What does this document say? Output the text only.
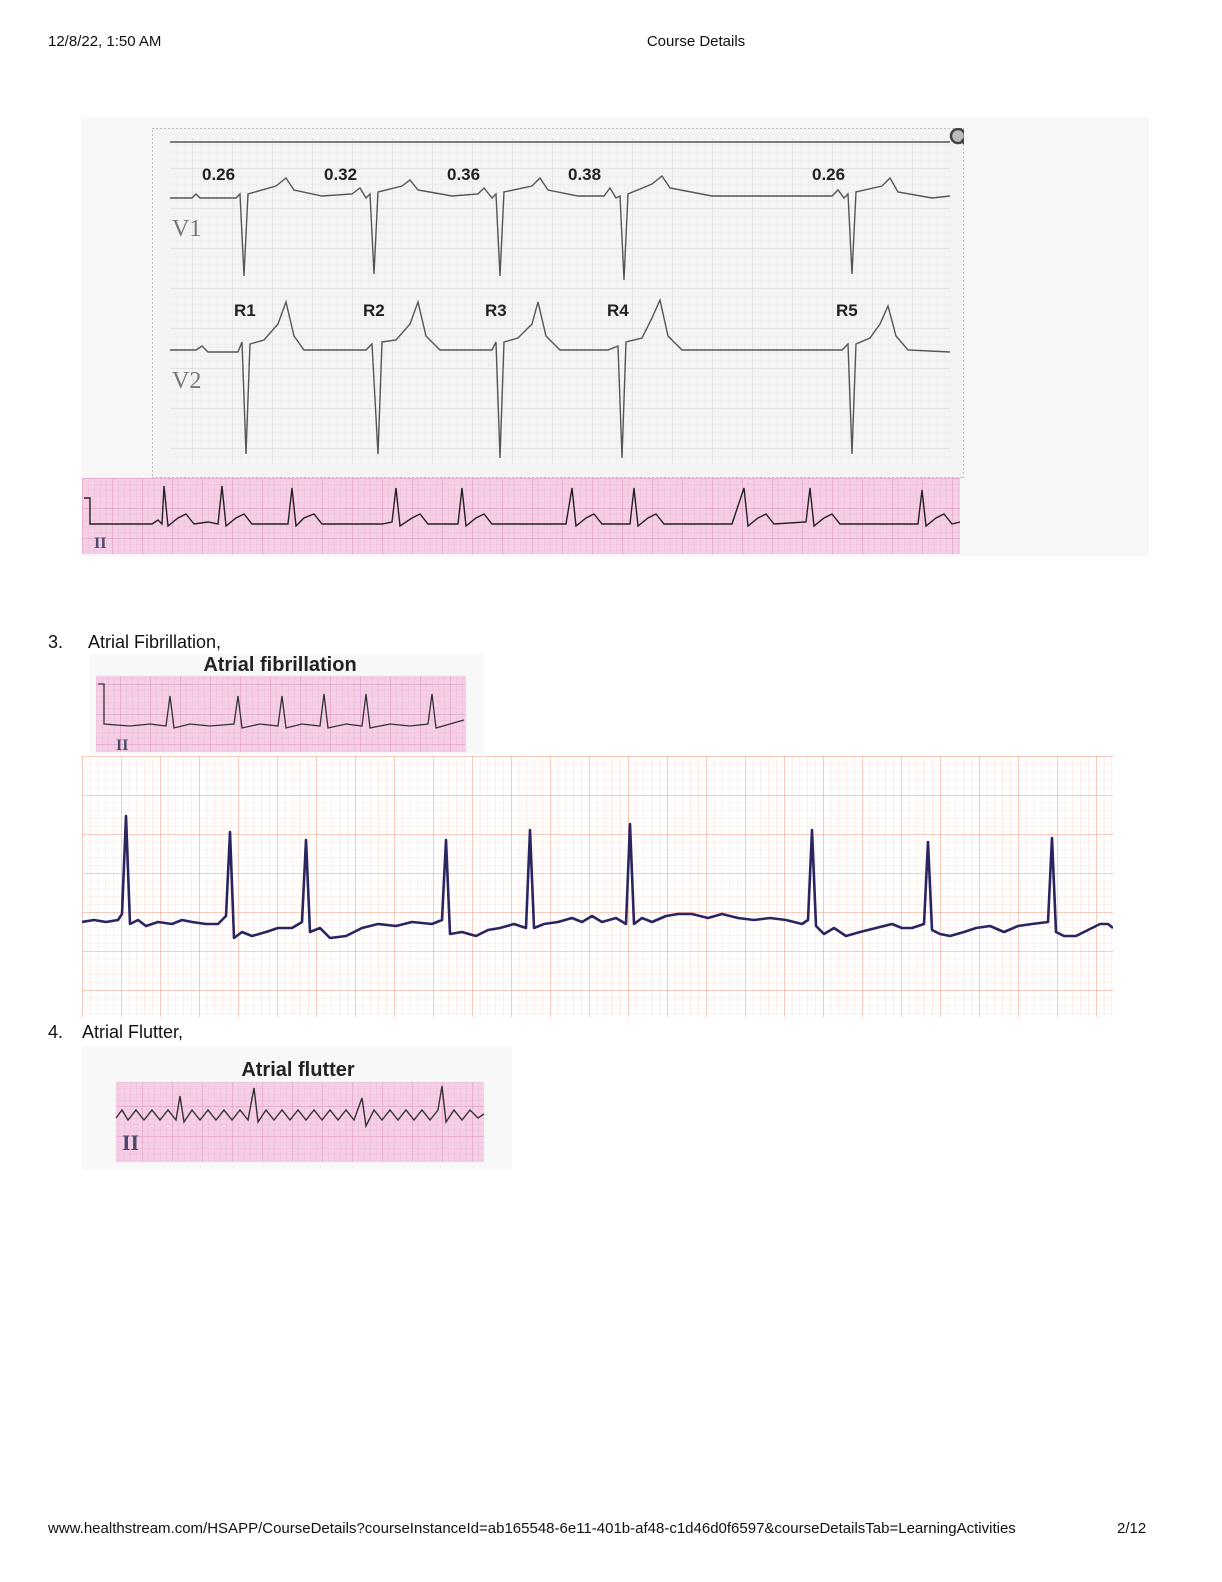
12/8/22, 1:50 AM	Course Details
0.26	0.32	0.36	0.38	0.26
V1
V2
R1	R2	R3	R4	R5
II
3. Atrial Fibrillation,
Atrial fibrillation
II
4. Atrial Flutter,
Atrial flutter
II
www.healthstream.com/HSAPP/CourseDetails?courseInstanceId=ab165548-6e11-401b-af48-c1d46d0f6597&courseDetailsTab=LearningActivities	2/12
